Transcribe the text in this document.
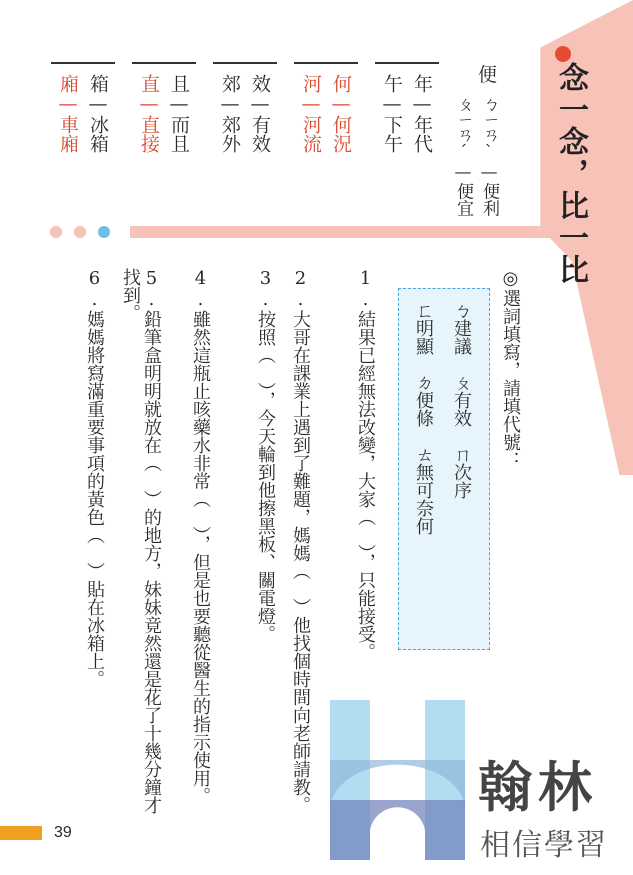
念一念，比一比
便
ㄅㄧㄢˋ—便利
ㄆㄧㄢˊ—便宜
年—年代
午—下午
何—何況
河—河流
效—有效
郊—郊外
且—而且
直—直接
箱—冰箱
廂—車廂
◎選詞填寫，請填代號：
ㄅ建議　ㄆ有效　ㄇ次序
ㄈ明顯　ㄉ便條　ㄊ無可奈何
1.結果已經無法改變，大家（　），只能接受。
2.大哥在課業上遇到了難題，媽媽（　）他找個時間向老師請教。
3.按照（　），今天輪到他擦黑板、關電燈。
4.雖然這瓶止咳藥水非常（　），但是也要聽從醫生的指示使用。
5.鉛筆盒明明就放在（　）的地方，妹妹竟然還是花了十幾分鐘才找到。
6.媽媽將寫滿重要事項的黃色（　）貼在冰箱上。
翰林
相信學習
39
